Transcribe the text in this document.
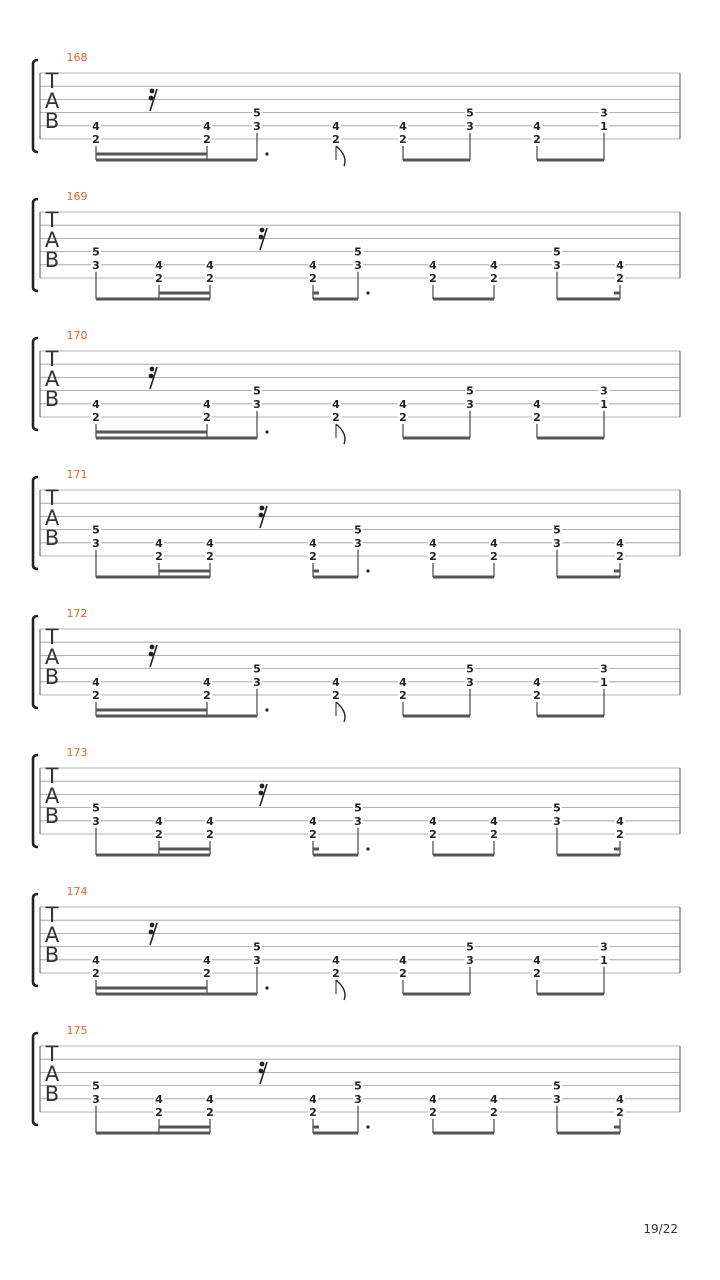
T
A
B
168
4
2
4
2
5
3	4
2
4
2
5
3	4
2
3
1
T
A
B
169
5
3	4
2
4
2
4
2
5
3	4
2
4
2
5
3	4
2
T
A
B
170
4
2
4
2
5
3	4
2
4
2
5
3	4
2
3
1
T
A
B
171
5
3	4
2
4
2
4
2
5
3	4
2
4
2
5
3	4
2
T
A
B
172
4
2
4
2
5
3	4
2
4
2
5
3	4
2
3
1
T
A
B
173
5
3	4
2
4
2
4
2
5
3	4
2
4
2
5
3	4
2
T
A
B
174
4
2
4
2
5
3	4
2
4
2
5
3	4
2
3
1
T
A
B
175
5
3	4
2
4
2
4
2
5
3	4
2
4
2
5
3	4
2
19/22
